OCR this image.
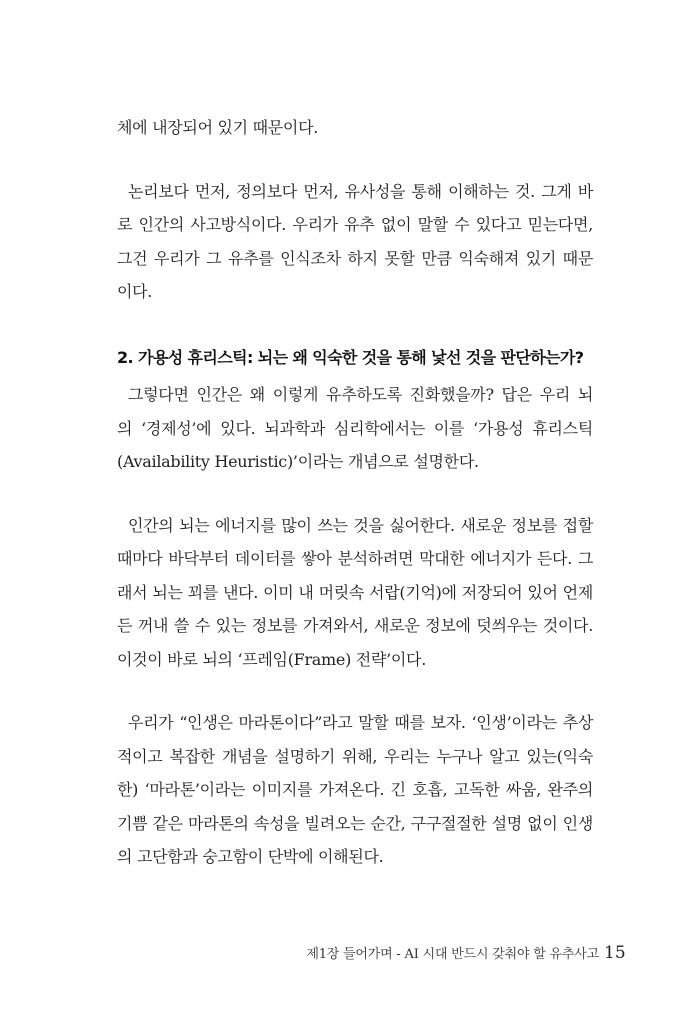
체에 내장되어 있기 때문이다.
논리보다 먼저, 정의보다 먼저, 유사성을 통해 이해하는 것. 그게 바
로 인간의 사고방식이다. 우리가 유추 없이 말할 수 있다고 믿는다면,
그건 우리가 그 유추를 인식조차 하지 못할 만큼 익숙해져 있기 때문
이다.
2. 가용성 휴리스틱: 뇌는 왜 익숙한 것을 통해 낯선 것을 판단하는가?
그렇다면 인간은 왜 이렇게 유추하도록 진화했을까? 답은 우리 뇌
의 ‘경제성’에 있다. 뇌과학과 심리학에서는 이를 ‘가용성 휴리스틱
(Availability Heuristic)’이라는 개념으로 설명한다.
인간의 뇌는 에너지를 많이 쓰는 것을 싫어한다. 새로운 정보를 접할
때마다 바닥부터 데이터를 쌓아 분석하려면 막대한 에너지가 든다. 그
래서 뇌는 꾀를 낸다. 이미 내 머릿속 서랍(기억)에 저장되어 있어 언제
든 꺼내 쓸 수 있는 정보를 가져와서, 새로운 정보에 덧씌우는 것이다.
이것이 바로 뇌의 ‘프레임(Frame) 전략’이다.
우리가 “인생은 마라톤이다”라고 말할 때를 보자. ‘인생’이라는 추상
적이고 복잡한 개념을 설명하기 위해, 우리는 누구나 알고 있는(익숙
한) ‘마라톤’이라는 이미지를 가져온다. 긴 호흡, 고독한 싸움, 완주의
기쁨 같은 마라톤의 속성을 빌려오는 순간, 구구절절한 설명 없이 인생
의 고단함과 숭고함이 단박에 이해된다.
제1장 들어가며 - AI 시대 반드시 갖춰야 할 유추사고 15
